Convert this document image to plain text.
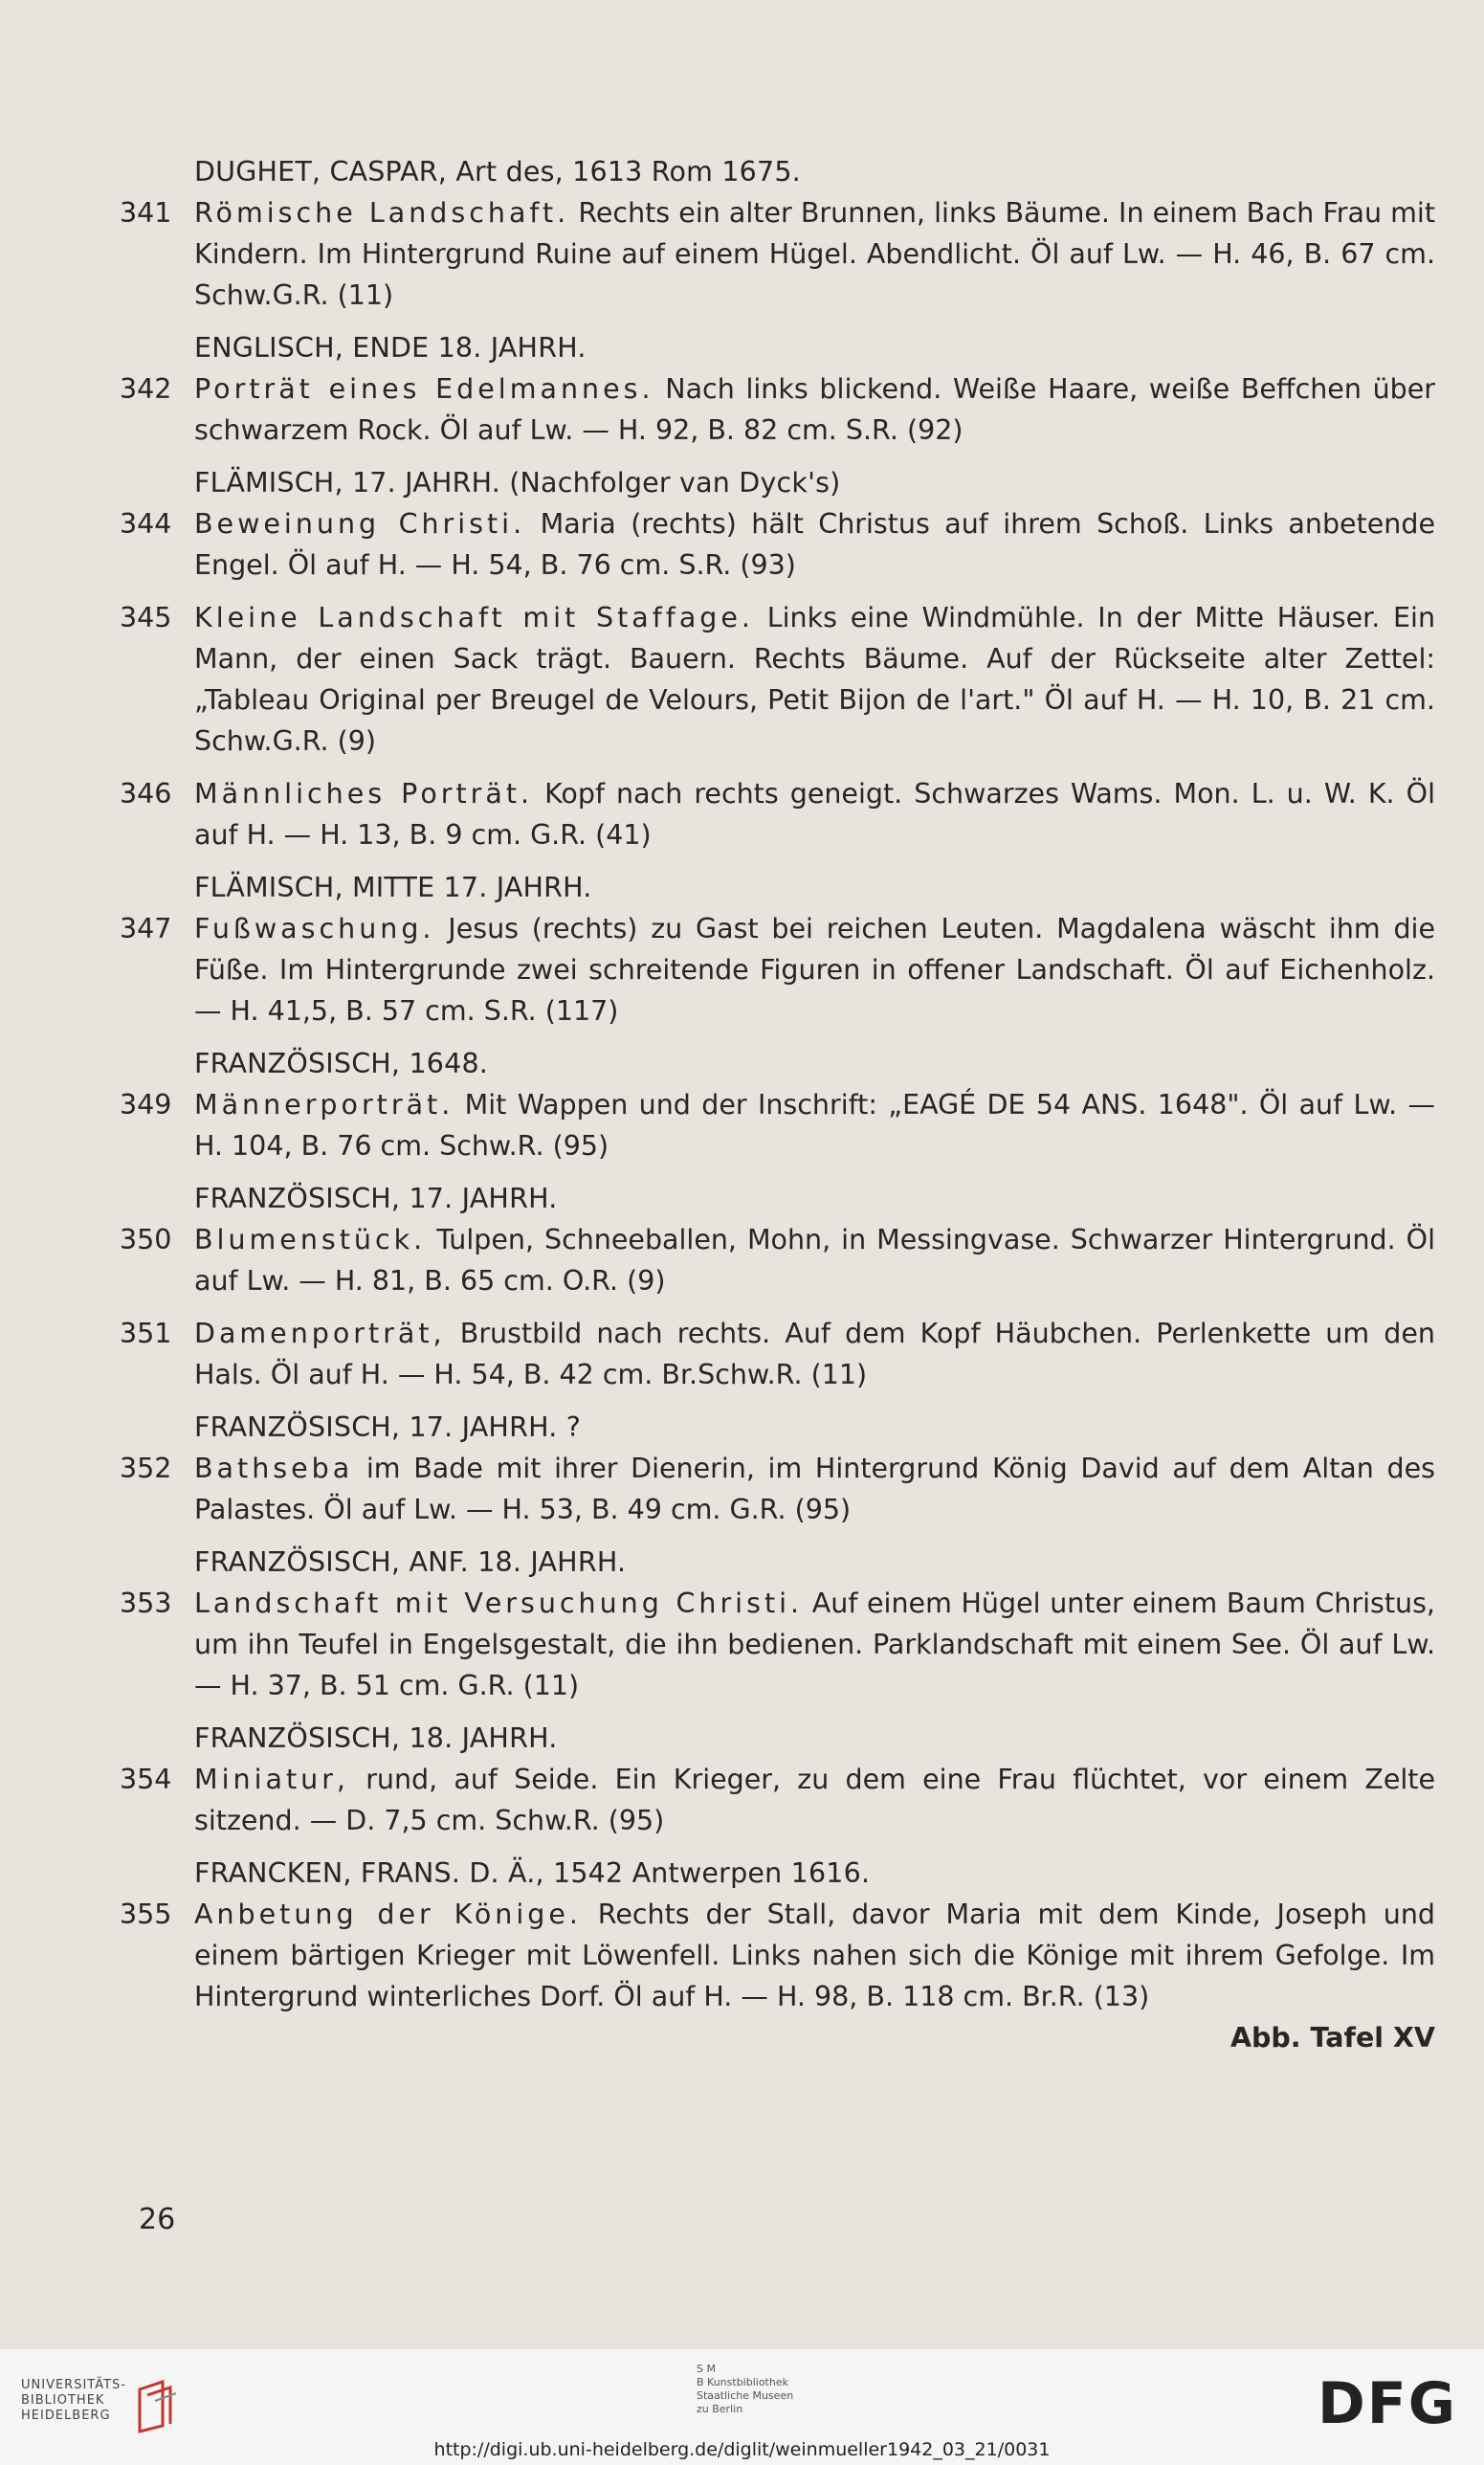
DUGHET, CASPAR, Art des, 1613 Rom 1675.
341 Römische Landschaft. Rechts ein alter Brunnen, links Bäume. In einem Bach Frau mit Kindern. Im Hintergrund Ruine auf einem Hügel. Abendlicht. Öl auf Lw. — H. 46, B. 67 cm. Schw.G.R. (11)
ENGLISCH, ENDE 18. JAHRH.
342 Porträt eines Edelmannes. Nach links blickend. Weiße Haare, weiße Beffchen über schwarzem Rock. Öl auf Lw. — H. 92, B. 82 cm. S.R. (92)
FLÄMISCH, 17. JAHRH. (Nachfolger van Dyck's)
344 Beweinung Christi. Maria (rechts) hält Christus auf ihrem Schoß. Links anbetende Engel. Öl auf H. — H. 54, B. 76 cm. S.R. (93)
345 Kleine Landschaft mit Staffage. Links eine Windmühle. In der Mitte Häuser. Ein Mann, der einen Sack trägt. Bauern. Rechts Bäume. Auf der Rückseite alter Zettel: „Tableau Original per Breugel de Velours, Petit Bijon de l'art." Öl auf H. — H. 10, B. 21 cm. Schw.G.R. (9)
346 Männliches Porträt. Kopf nach rechts geneigt. Schwarzes Wams. Mon. L. u. W. K. Öl auf H. — H. 13, B. 9 cm. G.R. (41)
FLÄMISCH, MITTE 17. JAHRH.
347 Fußwaschung. Jesus (rechts) zu Gast bei reichen Leuten. Magdalena wäscht ihm die Füße. Im Hintergrunde zwei schreitende Figuren in offener Landschaft. Öl auf Eichenholz. — H. 41,5, B. 57 cm. S.R. (117)
FRANZÖSISCH, 1648.
349 Männerporträt. Mit Wappen und der Inschrift: „EAGÉ DE 54 ANS. 1648". Öl auf Lw. — H. 104, B. 76 cm. Schw.R. (95)
FRANZÖSISCH, 17. JAHRH.
350 Blumenstück. Tulpen, Schneeballen, Mohn, in Messingvase. Schwarzer Hintergrund. Öl auf Lw. — H. 81, B. 65 cm. O.R. (9)
351 Damenporträt, Brustbild nach rechts. Auf dem Kopf Häubchen. Perlenkette um den Hals. Öl auf H. — H. 54, B. 42 cm. Br.Schw.R. (11)
FRANZÖSISCH, 17. JAHRH. ?
352 Bathseba im Bade mit ihrer Dienerin, im Hintergrund König David auf dem Altan des Palastes. Öl auf Lw. — H. 53, B. 49 cm. G.R. (95)
FRANZÖSISCH, ANF. 18. JAHRH.
353 Landschaft mit Versuchung Christi. Auf einem Hügel unter einem Baum Christus, um ihn Teufel in Engelsgestalt, die ihn bedienen. Parklandschaft mit einem See. Öl auf Lw. — H. 37, B. 51 cm. G.R. (11)
FRANZÖSISCH, 18. JAHRH.
354 Miniatur, rund, auf Seide. Ein Krieger, zu dem eine Frau flüchtet, vor einem Zelte sitzend. — D. 7,5 cm. Schw.R. (95)
FRANCKEN, FRANS. D. Ä., 1542 Antwerpen 1616.
355 Anbetung der Könige. Rechts der Stall, davor Maria mit dem Kinde, Joseph und einem bärtigen Krieger mit Löwenfell. Links nahen sich die Könige mit ihrem Gefolge. Im Hintergrund winterliches Dorf. Öl auf H. — H. 98, B. 118 cm. Br.R. (13)
Abb. Tafel XV
26
UNIVERSITÄTS-
BIBLIOTHEK
HEIDELBERG
S M
B Kunstbibliothek
Staatliche Museen
zu Berlin	DFG
http://digi.ub.uni-heidelberg.de/diglit/weinmueller1942_03_21/0031
